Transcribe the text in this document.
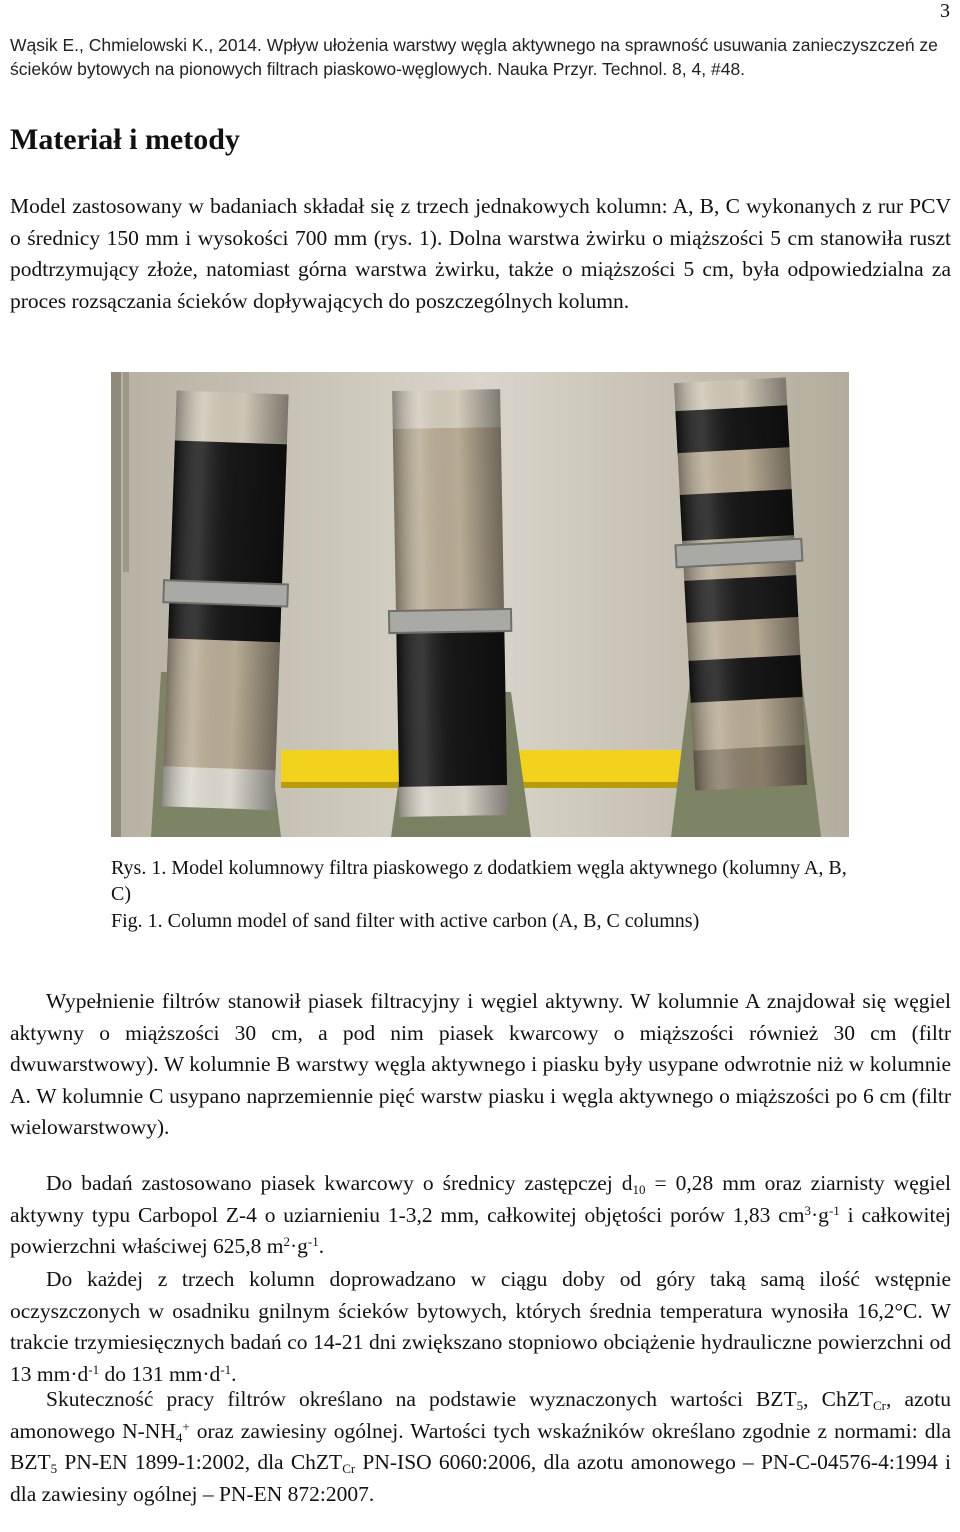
3
Wąsik E., Chmielowski K., 2014. Wpływ ułożenia warstwy węgla aktywnego na sprawność usuwania zanieczyszczeń ze ścieków bytowych na pionowych filtrach piaskowo-węglowych. Nauka Przyr. Technol. 8, 4, #48.
Materiał i metody

Model zastosowany w badaniach składał się z trzech jednakowych kolumn: A, B, C wykonanych z rur PCV o średnicy 150 mm i wysokości 700 mm (rys. 1). Dolna warstwa żwirku o miąższości 5 cm stanowiła ruszt podtrzymujący złoże, natomiast górna warstwa żwirku, także o miąższości 5 cm, była odpowiedzialna za proces rozsączania ścieków dopływających do poszczególnych kolumn.

Rys. 1. Model kolumnowy filtra piaskowego z dodatkiem węgla aktywnego (kolumny A, B, C)
Fig. 1. Column model of sand filter with active carbon (A, B, C columns)

Wypełnienie filtrów stanowił piasek filtracyjny i węgiel aktywny. W kolumnie A znajdował się węgiel aktywny o miąższości 30 cm, a pod nim piasek kwarcowy o miąższości również 30 cm (filtr dwuwarstwowy). W kolumnie B warstwy węgla aktywnego i piasku były usypane odwrotnie niż w kolumnie A. W kolumnie C usypano naprzemiennie pięć warstw piasku i węgla aktywnego o miąższości po 6 cm (filtr wielowarstwowy).

Do badań zastosowano piasek kwarcowy o średnicy zastępczej $d_{10} = 0,28$ mm oraz ziarnisty węgiel aktywny typu Carbopol Z-4 o uziarnieniu 1-3,2 mm, całkowitej objętości porów 1,83 $cm^3\cdot g^{-1}$ i całkowitej powierzchni właściwej 625,8 $m^2\cdot g^{-1}$.

Do każdej z trzech kolumn doprowadzano w ciągu doby od góry taką samą ilość wstępnie oczyszczonych w osadniku gnilnym ścieków bytowych, których średnia temperatura wynosiła 16,2°C. W trakcie trzymiesięcznych badań co 14-21 dni zwiększano stopniowo obciążenie hydrauliczne powierzchni od 13 $mm\cdot d^{-1}$ do 131 $mm\cdot d^{-1}$.

Skuteczność pracy filtrów określano na podstawie wyznaczonych wartości $BZT_5$, ChZT$_{Cr}$, azotu amonowego $N-NH_4^+$ oraz zawiesiny ogólnej. Wartości tych wskaźników określano zgodnie z normami: dla $BZT_5$ PN-EN 1899-1:2002, dla ChZT$_{Cr}$ PN-ISO 6060:2006, dla azotu amonowego – PN-C-04576-4:1994 i dla zawiesiny ogólnej – PN-EN 872:2007.
